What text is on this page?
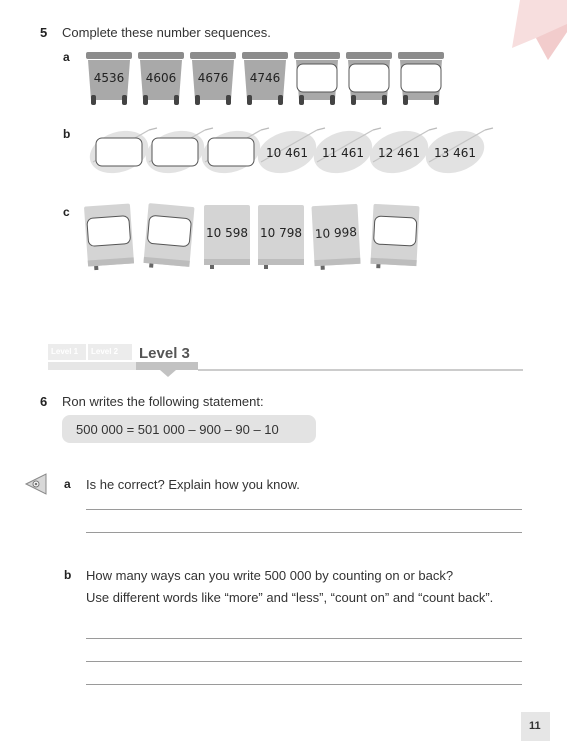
5 Complete these number sequences.
a
4536 4606 4676 4746
b
10 461 11 461 12 461 13 461
c
10 598 10 798 10 998
Level 1	Level 2	Level 3
6 Ron writes the following statement:
500 000 = 501 000 – 900 – 90 – 10
a Is he correct? Explain how you know.
b How many ways can you write 500 000 by counting on or back?
Use different words like “more” and “less”, “count on” and “count back”.
11
